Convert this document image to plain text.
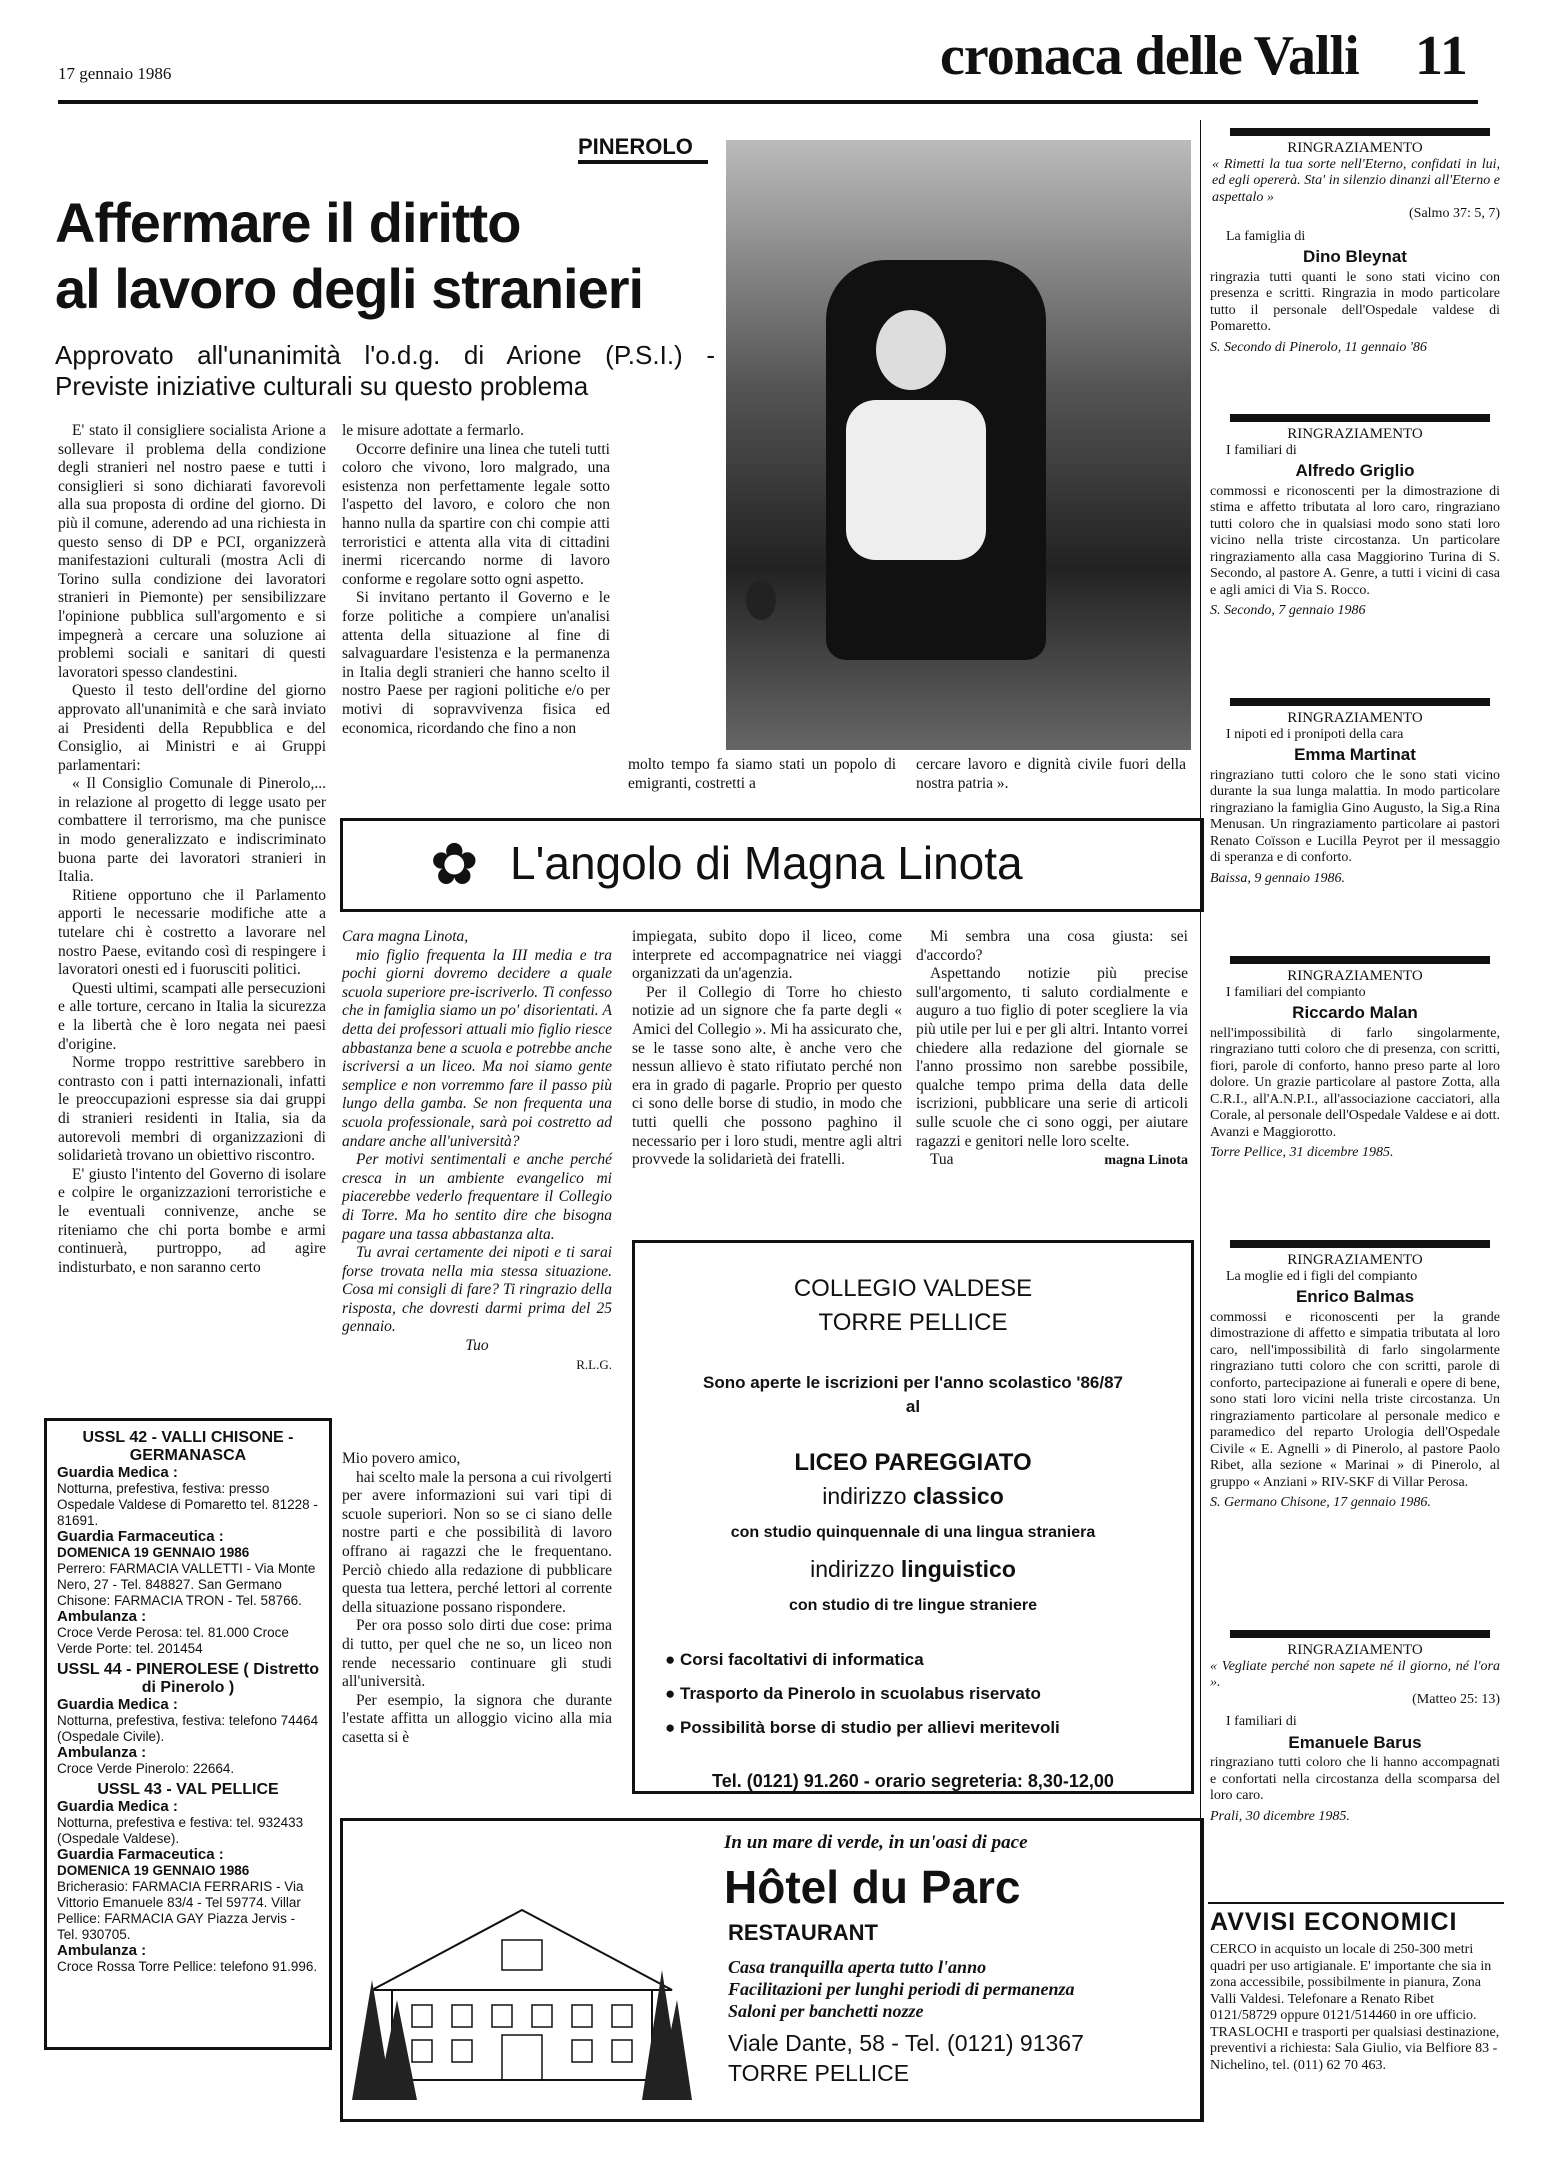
17 gennaio 1986	cronaca delle Valli 11
PINEROLO
Affermare il diritto
al lavoro degli stranieri
Approvato all'unanimità l'o.d.g. di Arione (P.S.I.) - Previste iniziative culturali su questo problema

E' stato il consigliere socialista Arione a sollevare il problema della condizione degli stranieri nel nostro paese e tutti i consiglieri si sono dichiarati favorevoli alla sua proposta di ordine del giorno. Di più il comune, aderendo ad una richiesta in questo senso di DP e PCI, organizzerà manifestazioni culturali (mostra Acli di Torino sulla condizione dei lavoratori stranieri in Piemonte) per sensibilizzare l'opinione pubblica sull'argomento e si impegnerà a cercare una soluzione ai problemi sociali e sanitari di questi lavoratori spesso clandestini.

Questo il testo dell'ordine del giorno approvato all'unanimità e che sarà inviato ai Presidenti della Repubblica e del Consiglio, ai Ministri e ai Gruppi parlamentari:

« Il Consiglio Comunale di Pinerolo,... in relazione al progetto di legge usato per combattere il terrorismo, ma che punisce in modo generalizzato e indiscriminato buona parte dei lavoratori stranieri in Italia.

Ritiene opportuno che il Parlamento apporti le necessarie modifiche atte a tutelare chi è costretto a lavorare nel nostro Paese, evitando così di respingere i lavoratori onesti ed i fuorusciti politici.

Questi ultimi, scampati alle persecuzioni e alle torture, cercano in Italia la sicurezza e la libertà che è loro negata nei paesi d'origine.

Norme troppo restrittive sarebbero in contrasto con i patti internazionali, infatti le preoccupazioni espresse sia dai gruppi di stranieri residenti in Italia, sia da autorevoli membri di organizzazioni di solidarietà trovano un obiettivo riscontro.

E' giusto l'intento del Governo di isolare e colpire le organizzazioni terroristiche e le eventuali connivenze, anche se riteniamo che chi porta bombe e armi continuerà, purtroppo, ad agire indisturbato, e non saranno certo

le misure adottate a fermarlo.

Occorre definire una linea che tuteli tutti coloro che vivono, loro malgrado, una esistenza non perfettamente legale sotto l'aspetto del lavoro, e coloro che non hanno nulla da spartire con chi compie atti terroristici e attenta alla vita di cittadini inermi ricercando norme di lavoro conforme e regolare sotto ogni aspetto.

Si invitano pertanto il Governo e le forze politiche a compiere un'analisi attenta della situazione al fine di salvaguardare l'esistenza e la permanenza in Italia degli stranieri che hanno scelto il nostro Paese per ragioni politiche e/o per motivi di sopravvivenza fisica ed economica, ricordando che fino a non

molto tempo fa siamo stati un popolo di emigranti, costretti a
cercare lavoro e dignità civile fuori della nostra patria ».
✿ L'angolo di Magna Linota

Cara magna Linota,

mio figlio frequenta la III media e tra pochi giorni dovremo decidere a quale scuola superiore pre-iscriverlo. Ti confesso che in famiglia siamo un po' disorientati. A detta dei professori attuali mio figlio riesce abbastanza bene a scuola e potrebbe anche iscriversi a un liceo. Ma noi siamo gente semplice e non vorremmo fare il passo più lungo della gamba. Se non frequenta una scuola professionale, sarà poi costretto ad andare anche all'università?

Per motivi sentimentali e anche perché cresca in un ambiente evangelico mi piacerebbe vederlo frequentare il Collegio di Torre. Ma ho sentito dire che bisogna pagare una tassa abbastanza alta.

Tu avrai certamente dei nipoti e ti sarai forse trovata nella mia stessa situazione. Cosa mi consigli di fare? Ti ringrazio della risposta, che dovresti darmi prima del 25 gennaio.

Tuo
R.L.G.

Mio povero amico,

hai scelto male la persona a cui rivolgerti per avere informazioni sui vari tipi di scuole superiori. Non so se ci siano delle nostre parti e che possibilità di lavoro offrano ai ragazzi che le frequentano. Perciò chiedo alla redazione di pubblicare questa tua lettera, perché lettori al corrente della situazione possano rispondere.

Per ora posso solo dirti due cose: prima di tutto, per quel che ne so, un liceo non rende necessario continuare gli studi all'università.

Per esempio, la signora che durante l'estate affitta un alloggio vicino alla mia casetta si è

impiegata, subito dopo il liceo, come interprete ed accompagnatrice nei viaggi organizzati da un'agenzia.

Per il Collegio di Torre ho chiesto notizie ad un signore che fa parte degli « Amici del Collegio ». Mi ha assicurato che, se le tasse sono alte, è anche vero che nessun allievo è stato rifiutato perché non era in grado di pagarle. Proprio per questo ci sono delle borse di studio, in modo che tutti quelli che possono paghino il necessario per i loro studi, mentre agli altri provvede la solidarietà dei fratelli.

Mi sembra una cosa giusta: sei d'accordo?

Aspettando notizie più precise sull'argomento, ti saluto cordialmente e auguro a tuo figlio di poter scegliere la via più utile per lui e per gli altri. Intanto vorrei chiedere alla redazione del giornale se l'anno prossimo non sarebbe possibile, qualche tempo prima della data delle iscrizioni, pubblicare una serie di articoli sulle scuole che ci sono oggi, per aiutare ragazzi e genitori nelle loro scelte.

Tua	magna Linota
USSL 42 - VALLI CHISONE - GERMANASCA
Guardia Medica :
Notturna, prefestiva, festiva: presso Ospedale Valdese di Pomaretto tel. 81228 - 81691.
Guardia Farmaceutica :
DOMENICA 19 GENNAIO 1986
Perrero: FARMACIA VALLETTI - Via Monte Nero, 27 - Tel. 848827. San Germano Chisone: FARMACIA TRON - Tel. 58766.
Ambulanza :
Croce Verde Perosa: tel. 81.000 Croce Verde Porte: tel. 201454
USSL 44 - PINEROLESE ( Distretto di Pinerolo )
Guardia Medica :
Notturna, prefestiva, festiva: telefono 74464 (Ospedale Civile).
Ambulanza :
Croce Verde Pinerolo: 22664.
USSL 43 - VAL PELLICE
Guardia Medica :
Notturna, prefestiva e festiva: tel. 932433 (Ospedale Valdese).
Guardia Farmaceutica :
DOMENICA 19 GENNAIO 1986
Bricherasio: FARMACIA FERRARIS - Via Vittorio Emanuele 83/4 - Tel 59774. Villar Pellice: FARMACIA GAY Piazza Jervis - Tel. 930705.
Ambulanza :
Croce Rossa Torre Pellice: telefono 91.996.
COLLEGIO VALDESE
TORRE PELLICE
Sono aperte le iscrizioni per l'anno scolastico '86/87
al
LICEO PAREGGIATO
indirizzo classico
con studio quinquennale di una lingua straniera
indirizzo linguistico
con studio di tre lingue straniere
● Corsi facoltativi di informatica
● Trasporto da Pinerolo in scuolabus riservato
● Possibilità borse di studio per allievi meritevoli
Tel. (0121) 91.260 - orario segreteria: 8,30-12,00
In un mare di verde, in un'oasi di pace
Hôtel du Parc
RESTAURANT
Casa tranquilla aperta tutto l'anno
Facilitazioni per lunghi periodi di permanenza
Saloni per banchetti nozze
Viale Dante, 58 - Tel. (0121) 91367
TORRE PELLICE
RINGRAZIAMENTO
« Rimetti la tua sorte nell'Eterno, confidati in lui, ed egli opererà. Sta' in silenzio dinanzi all'Eterno e aspettalo »
(Salmo 37: 5, 7)
La famiglia di
Dino Bleynat
ringrazia tutti quanti le sono stati vicino con presenza e scritti. Ringrazia in modo particolare tutto il personale dell'Ospedale valdese di Pomaretto.
S. Secondo di Pinerolo, 11 gennaio '86
RINGRAZIAMENTO
I familiari di
Alfredo Griglio
commossi e riconoscenti per la dimostrazione di stima e affetto tributata al loro caro, ringraziano tutti coloro che in qualsiasi modo sono stati loro vicino nella triste circostanza. Un particolare ringraziamento alla casa Maggiorino Turina di S. Secondo, al pastore A. Genre, a tutti i vicini di casa e agli amici di Via S. Rocco.
S. Secondo, 7 gennaio 1986
RINGRAZIAMENTO
I nipoti ed i pronipoti della cara
Emma Martinat
ringraziano tutti coloro che le sono stati vicino durante la sua lunga malattia. In modo particolare ringraziano la famiglia Gino Augusto, la Sig.a Rina Menusan. Un ringraziamento particolare ai pastori Renato Coïsson e Lucilla Peyrot per il messaggio di speranza e di conforto.
Baissa, 9 gennaio 1986.
RINGRAZIAMENTO
I familiari del compianto
Riccardo Malan
nell'impossibilità di farlo singolarmente, ringraziano tutti coloro che di presenza, con scritti, fiori, parole di conforto, hanno preso parte al loro dolore. Un grazie particolare al pastore Zotta, alla C.R.I., all'A.N.P.I., all'associazione cacciatori, alla Corale, al personale dell'Ospedale Valdese e ai dott. Avanzi e Maggiorotto.
Torre Pellice, 31 dicembre 1985.
RINGRAZIAMENTO
La moglie ed i figli del compianto
Enrico Balmas
commossi e riconoscenti per la grande dimostrazione di affetto e simpatia tributata al loro caro, nell'impossibilità di farlo singolarmente ringraziano tutti coloro che con scritti, parole di conforto, partecipazione ai funerali e opere di bene, sono stati loro vicini nella triste circostanza. Un ringraziamento particolare al personale medico e paramedico del reparto Urologia dell'Ospedale Civile « E. Agnelli » di Pinerolo, al pastore Paolo Ribet, alla sezione « Marinai » di Pinerolo, al gruppo « Anziani » RIV-SKF di Villar Perosa.
S. Germano Chisone, 17 gennaio 1986.
RINGRAZIAMENTO
« Vegliate perché non sapete né il giorno, né l'ora ».
(Matteo 25: 13)
I familiari di
Emanuele Barus
ringraziano tutti coloro che li hanno accompagnati e confortati nella circostanza della scomparsa del loro caro.
Prali, 30 dicembre 1985.
AVVISI ECONOMICI
CERCO in acquisto un locale di 250-300 metri quadri per uso artigianale. E' importante che sia in zona accessibile, possibilmente in pianura, Zona Valli Valdesi. Telefonare a Renato Ribet 0121/58729 oppure 0121/514460 in ore ufficio.
TRASLOCHI e trasporti per qualsiasi destinazione, preventivi a richiesta: Sala Giulio, via Belfiore 83 - Nichelino, tel. (011) 62 70 463.
